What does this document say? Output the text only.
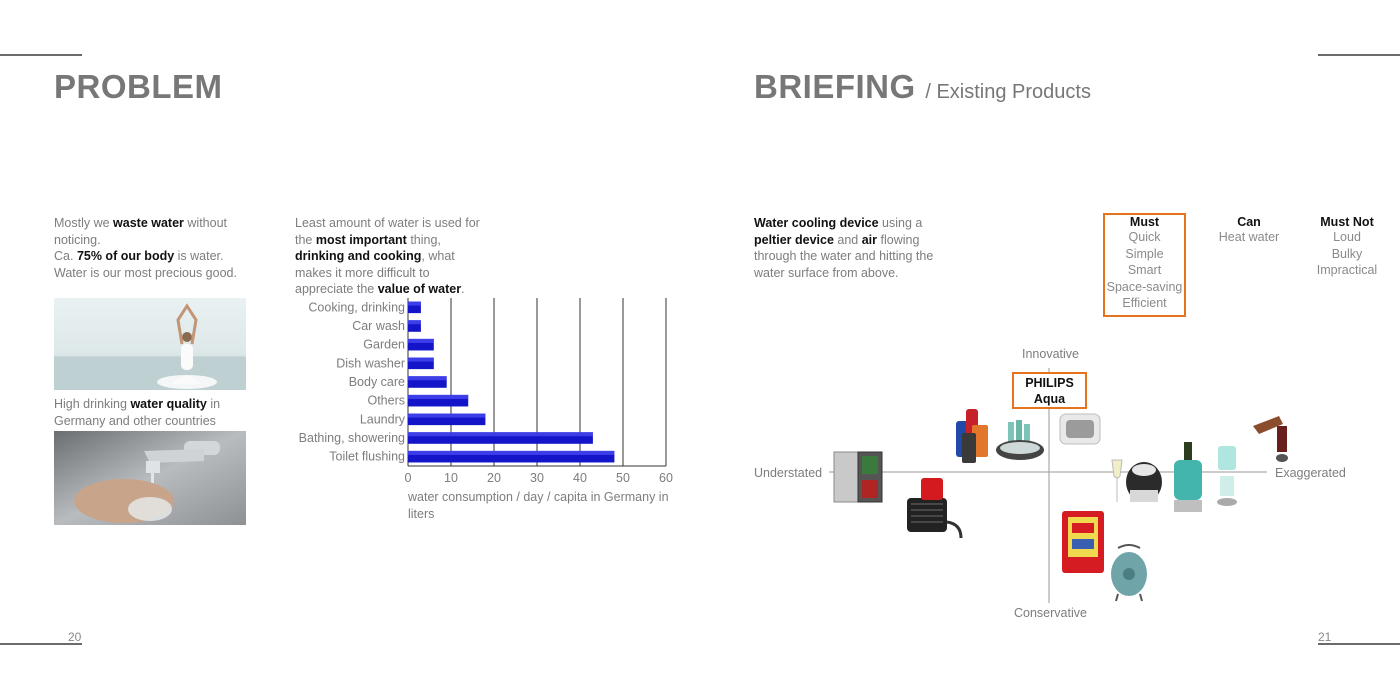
PROBLEM
Mostly we waste water without noticing.
Ca. 75% of our body is water.
Water is our most precious good.
High drinking water quality in Germany and other countries
Least amount of water is used for the most important thing, drinking and cooking, what makes it more difficult to appreciate the value of water.
Cooking, drinking
Car wash
Garden
Dish washer
Body care
Others
Laundry
Bathing, showering
Toilet flushing
0	10 20 30 40 50 60
water consumption / day / capita in Germany in liters
20
BRIEFING / Existing Products
Water cooling device using a peltier device and air flowing through the water and hitting the water surface from above.
Must
Quick
Simple
Smart
Space-saving
Efficient
Can
Heat water
Must Not
Loud
Bulky
Impractical
Innovative
Conservative
Understated	Exaggerated
PHILIPS
Aqua
21
